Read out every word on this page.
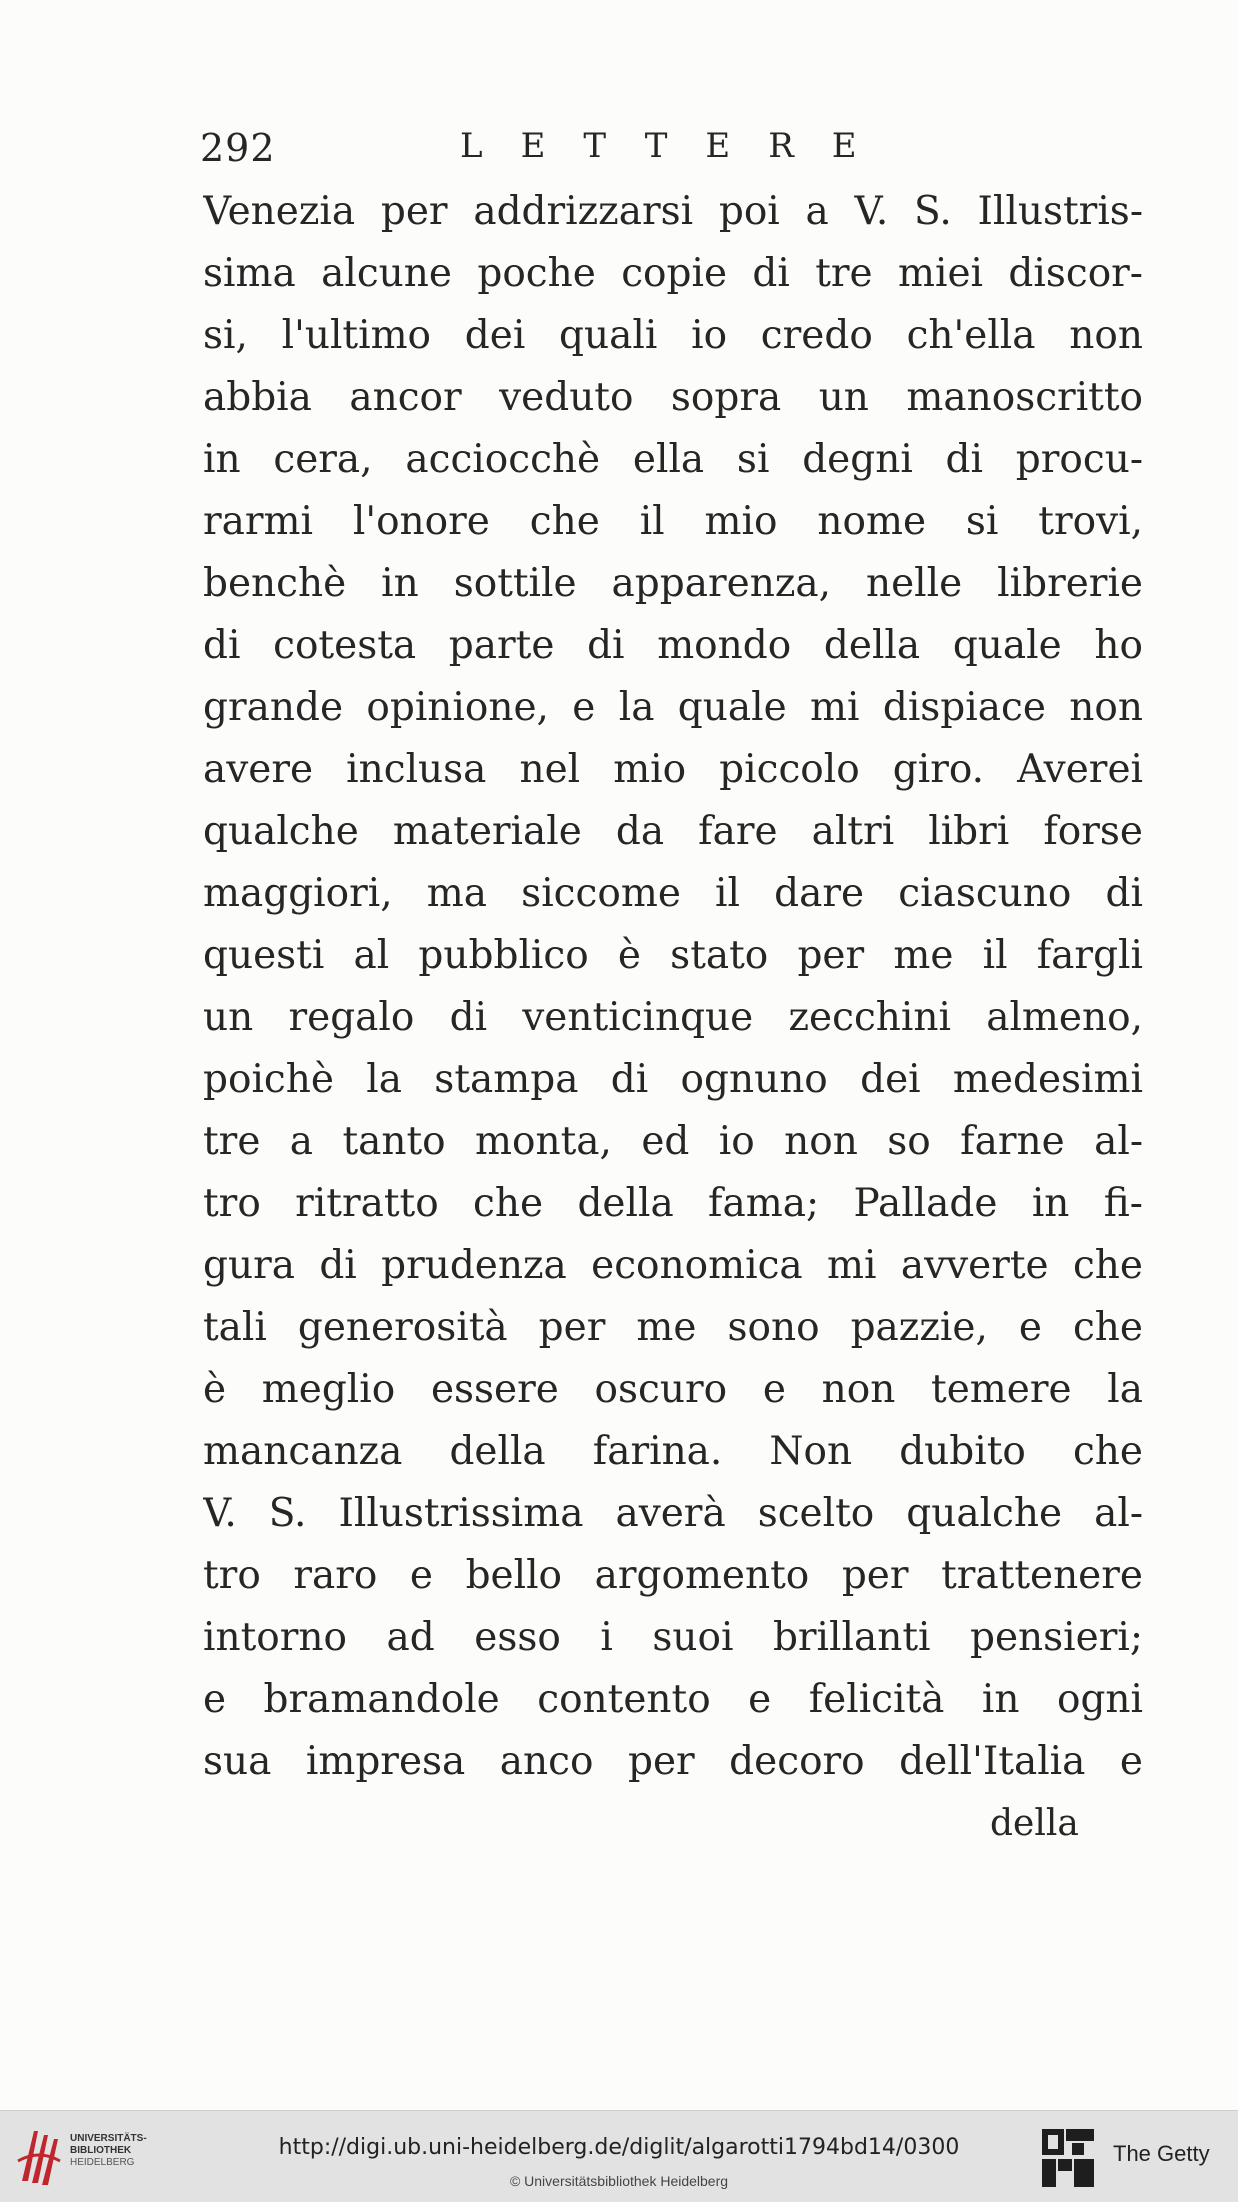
292	LETTERE
Venezia per addrizzarsi poi a V. S. Illustris-
sima alcune poche copie di tre miei discor-
si, l'ultimo dei quali io credo ch'ella non
abbia ancor veduto sopra un manoscritto
in cera, acciocchè ella si degni di procu-
rarmi l'onore che il mio nome si trovi,
benchè in sottile apparenza, nelle librerie
di cotesta parte di mondo della quale ho
grande opinione, e la quale mi dispiace non
avere inclusa nel mio piccolo giro. Averei
qualche materiale da fare altri libri forse
maggiori, ma siccome il dare ciascuno di
questi al pubblico è stato per me il fargli
un regalo di venticinque zecchini almeno,
poichè la stampa di ognuno dei medesimi
tre a tanto monta, ed io non so farne al-
tro ritratto che della fama; Pallade in fi-
gura di prudenza economica mi avverte che
tali generosità per me sono pazzie, e che
è meglio essere oscuro e non temere la
mancanza della farina. Non dubito che
V. S. Illustrissima averà scelto qualche al-
tro raro e bello argomento per trattenere
intorno ad esso i suoi brillanti pensieri;
e bramandole contento e felicità in ogni
sua impresa anco per decoro dell'Italia e
della
UNIVERSITÄTS-
BIBLIOTHEK
HEIDELBERG
http://digi.ub.uni-heidelberg.de/diglit/algarotti1794bd14/0300
© Universitätsbibliothek Heidelberg
The Getty
